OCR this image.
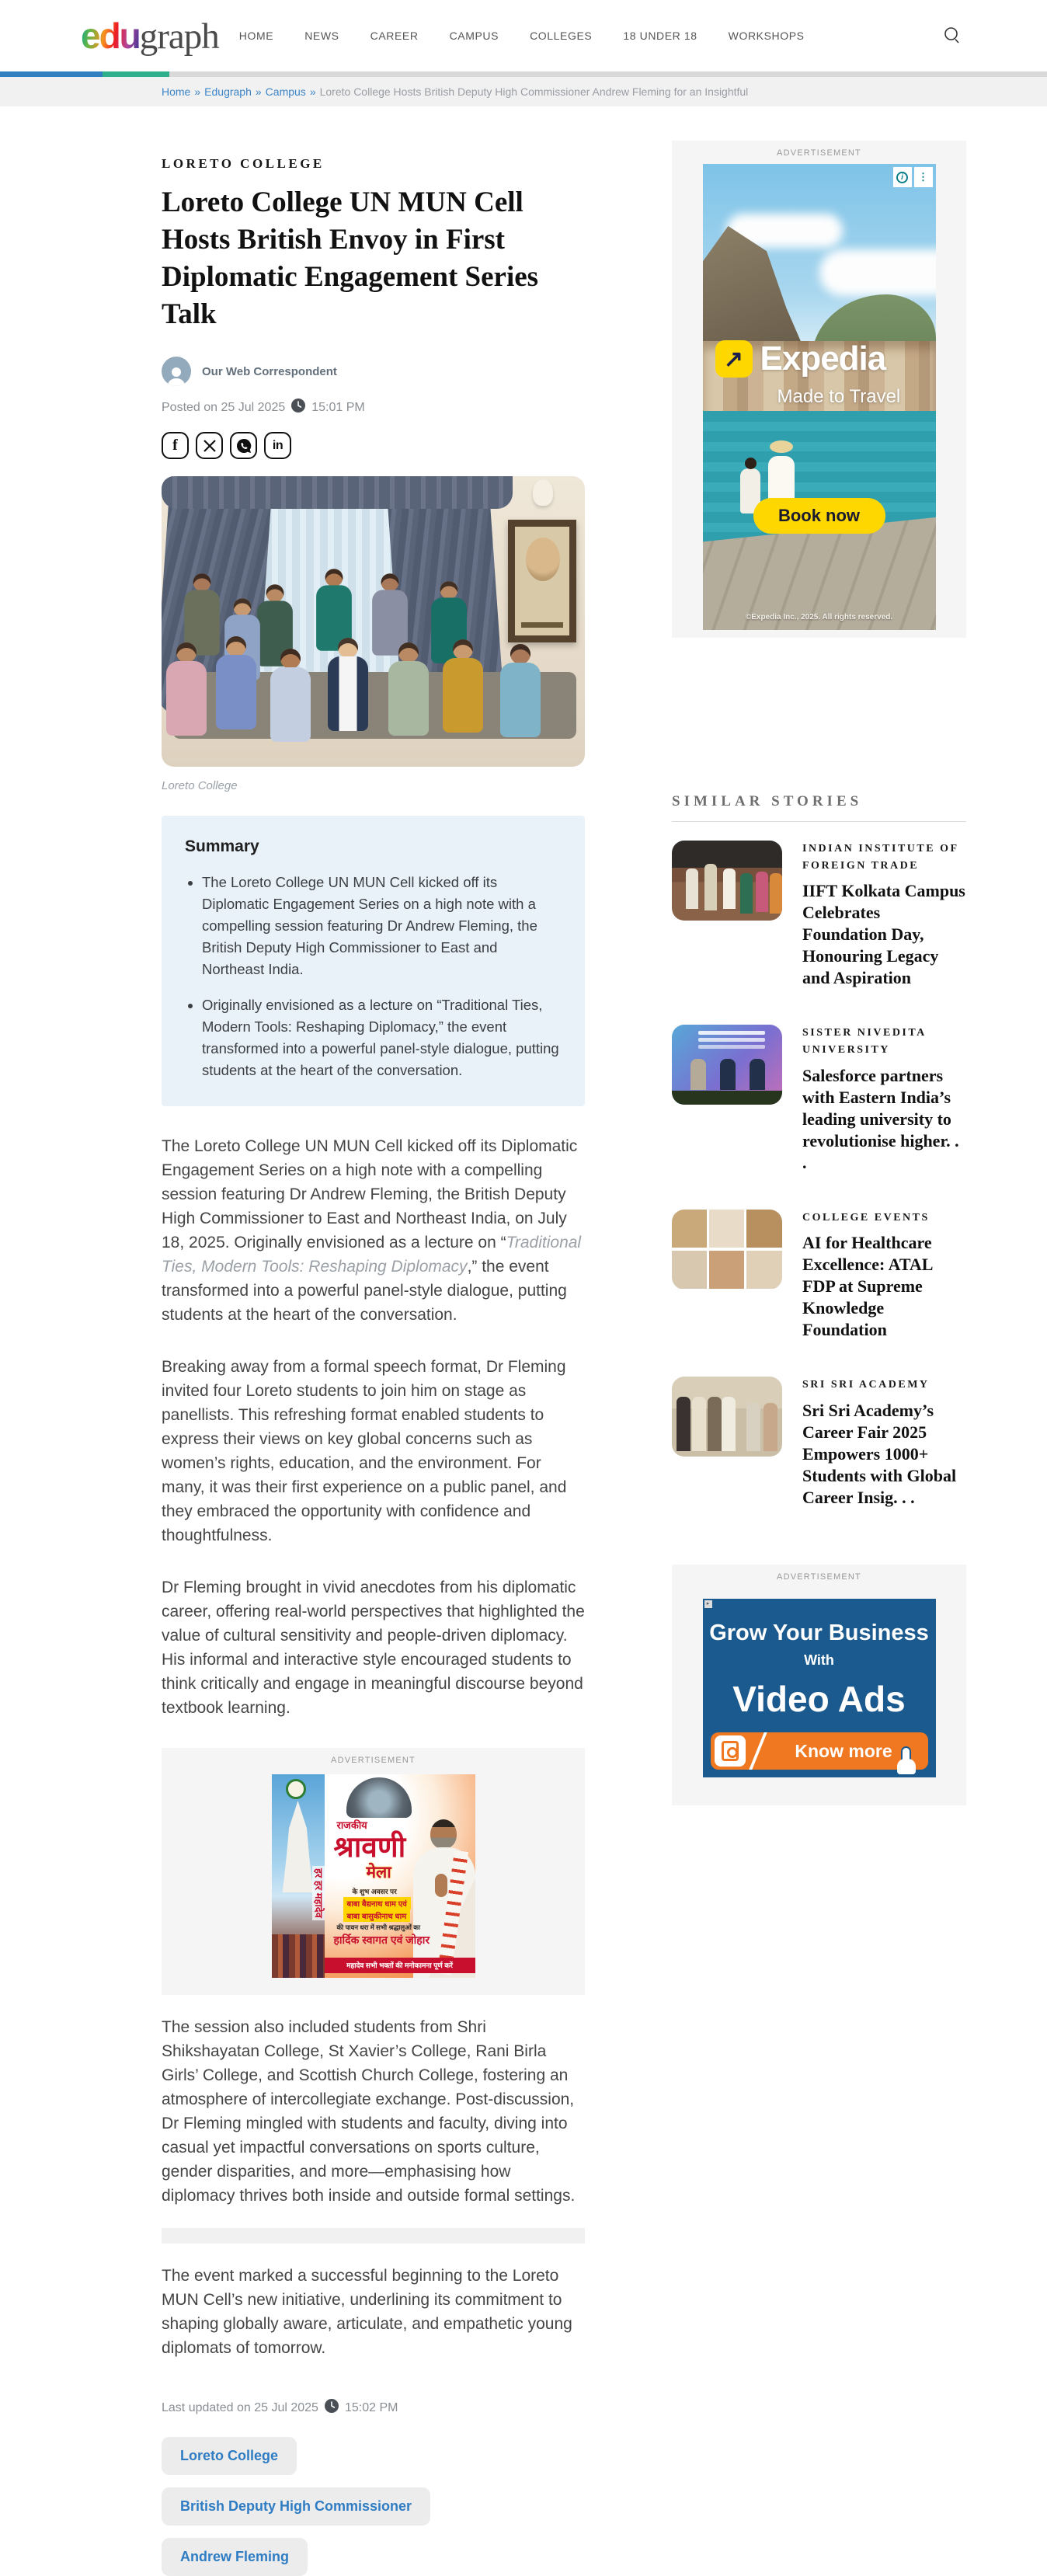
edu graph HOME	NEWS	CAREER	CAMPUS	COLLEGES	18 UNDER 18	WORKSHOPS
Home » Edugraph » Campus » Loreto College Hosts British Deputy High Commissioner Andrew Fleming for an Insightful
LORETO COLLEGE
Loreto College UN MUN Cell Hosts British Envoy in First Diplomatic Engagement Series Talk
Our Web Correspondent
Posted on 25 Jul 2025 15:01 PM
f	in
Loreto College
Summary
• The Loreto College UN MUN Cell kicked off its Diplomatic Engagement Series on a high note with a compelling session featuring Dr Andrew Fleming, the British Deputy High Commissioner to East and Northeast India.
• Originally envisioned as a lecture on “Traditional Ties, Modern Tools: Reshaping Diplomacy,” the event transformed into a powerful panel-style dialogue, putting students at the heart of the conversation.

The Loreto College UN MUN Cell kicked off its Diplomatic Engagement Series on a high note with a compelling session featuring Dr Andrew Fleming, the British Deputy High Commissioner to East and Northeast India, on July 18, 2025. Originally envisioned as a lecture on “Traditional Ties, Modern Tools: Reshaping Diplomacy,” the event transformed into a powerful panel-style dialogue, putting students at the heart of the conversation.

Breaking away from a formal speech format, Dr Fleming invited four Loreto students to join him on stage as panellists. This refreshing format enabled students to express their views on key global concerns such as women’s rights, education, and the environment. For many, it was their first experience on a public panel, and they embraced the opportunity with confidence and thoughtfulness.

Dr Fleming brought in vivid anecdotes from his diplomatic career, offering real-world perspectives that highlighted the value of cultural sensitivity and people-driven diplomacy. His informal and interactive style encouraged students to think critically and engage in meaningful discourse beyond textbook learning.

ADVERTISEMENT
हर हर महादेव
राजकीय
श्रावणी
मेला
के शुभ अवसर पर
बाबा बैद्यनाथ धाम एवं
बाबा बासुकीनाथ धाम
की पावन धरा में सभी श्रद्धालुओं का
हार्दिक स्वागत एवं जोहार
महादेव सभी भक्तों की मनोकामना पूर्ण करें

The session also included students from Shri Shikshayatan College, St Xavier’s College, Rani Birla Girls’ College, and Scottish Church College, fostering an atmosphere of intercollegiate exchange. Post-discussion, Dr Fleming mingled with students and faculty, diving into casual yet impactful conversations on sports culture, gender disparities, and more—emphasising how diplomacy thrives both inside and outside formal settings.

The event marked a successful beginning to the Loreto MUN Cell’s new initiative, underlining its commitment to shaping globally aware, articulate, and empathetic young diplomats of tomorrow.

Last updated on 25 Jul 2025 15:02 PM
Loreto College
British Deputy High Commissioner
Andrew Fleming
ADVERTISEMENT
i	⋮
↗ Expedia
Made to Travel
Book now
©Expedia Inc., 2025. All rights reserved.
SIMILAR STORIES
INDIAN INSTITUTE OF FOREIGN TRADE
IIFT Kolkata Campus Celebrates Foundation Day, Honouring Legacy and Aspiration
SISTER NIVEDITA UNIVERSITY
Salesforce partners with Eastern India’s leading university to revolutionise higher. . .
COLLEGE EVENTS
AI for Healthcare Excellence: ATAL FDP at Supreme Knowledge Foundation
SRI SRI ACADEMY
Sri Sri Academy’s Career Fair 2025 Empowers 1000+ Students with Global Career Insig. . .
ADVERTISEMENT
▸
Grow Your Business
With
Video Ads
Know more
